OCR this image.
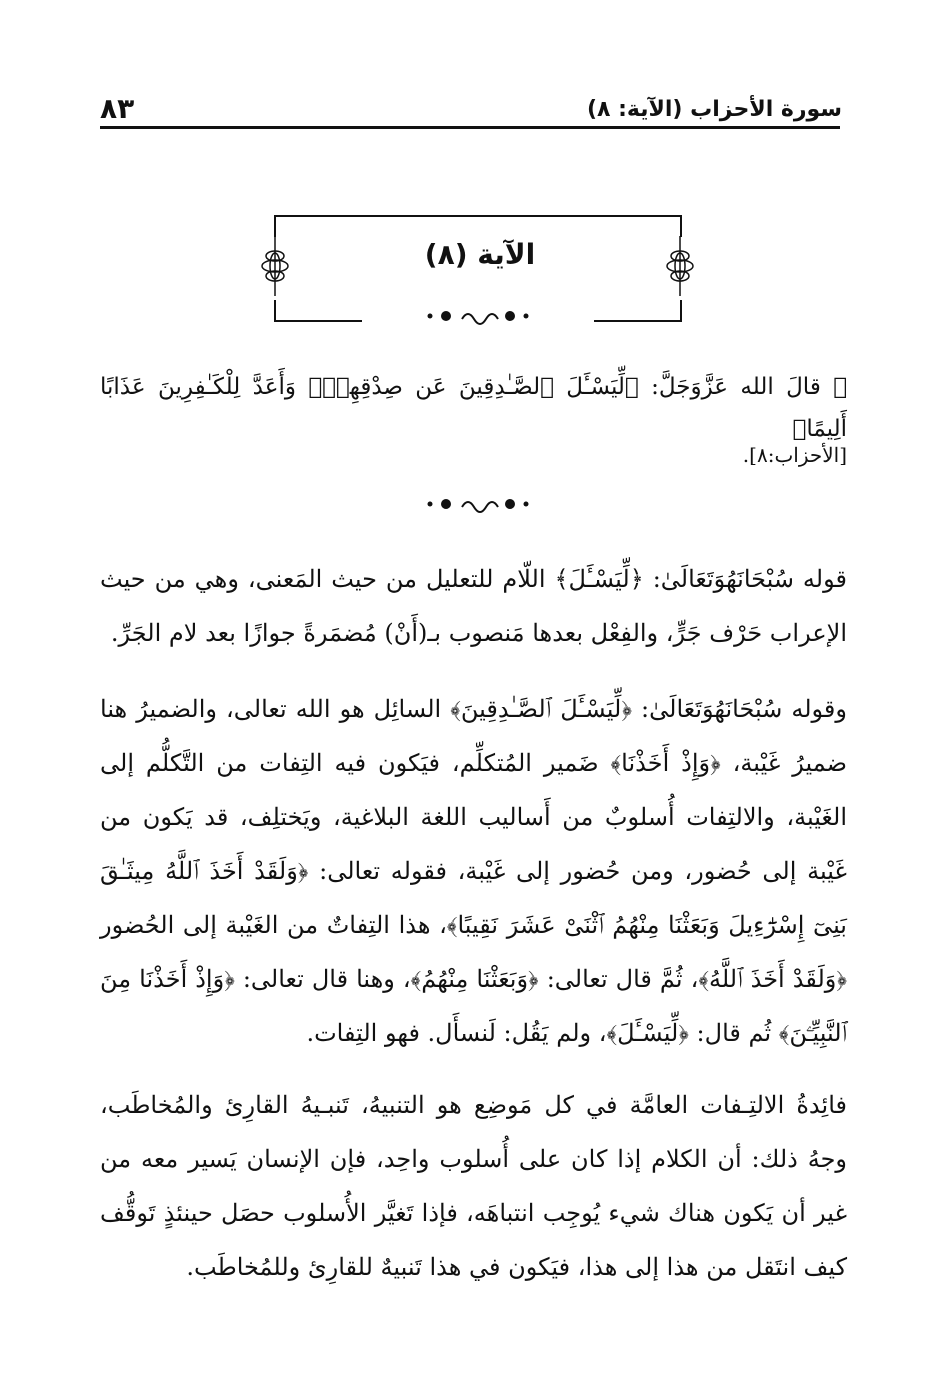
سورة الأحزاب (الآية: ٨)
٨٣
الآية (٨)
۞ قالَ الله عَزَّوَجَلَّ: ﴿لِّيَسْـَٔلَ ٱلصَّـٰدِقِينَ عَن صِدْقِهِمْۚ وَأَعَدَّ لِلْكَـٰفِرِينَ عَذَابًا أَلِيمًا﴾
[الأحزاب:٨].

قوله سُبْحَانَهُوَتَعَالَىٰ: ﴿لِّيَسْـَٔلَ﴾ اللّام للتعليل من حيث المَعنى، وهي من حيث الإعراب حَرْف جَرٍّ، والفِعْل بعدها مَنصوب بـ(أَنْ) مُضمَرةً جوازًا بعد لام الجَرِّ.

وقوله سُبْحَانَهُوَتَعَالَىٰ: ﴿لِّيَسْـَٔلَ ٱلصَّـٰدِقِينَ﴾ السائِل هو الله تعالى، والضميرُ هنا ضميرُ غَيْبة، ﴿وَإِذْ أَخَذْنَا﴾ ضَمير المُتكلِّم، فيَكون فيه التِفات من التَّكلُّم إلى الغَيْبة، والالتِفات أُسلوبٌ من أَساليب اللغة البلاغية، ويَختلِف، قد يَكون من غَيْبة إلى حُضور، ومن حُضور إلى غَيْبة، فقوله تعالى: ﴿وَلَقَدْ أَخَذَ ٱللَّهُ مِيثَـٰقَ بَنِىٓ إِسْرَٰٓءِيلَ وَبَعَثْنَا مِنْهُمُ ٱثْنَىْ عَشَرَ نَقِيبًا﴾، هذا التِفاتٌ من الغَيْبة إلى الحُضور ﴿وَلَقَدْ أَخَذَ ٱللَّهُ﴾، ثُمَّ قال تعالى: ﴿وَبَعَثْنَا مِنْهُمُ﴾، وهنا قال تعالى: ﴿وَإِذْ أَخَذْنَا مِنَ ٱلنَّبِيِّـۧنَ﴾ ثُم قال: ﴿لِّيَسْـَٔلَ﴾، ولم يَقُل: لَنسأَل. فهو التِفات.

فائِدةُ الالتِـفات العامَّة في كل مَوضِع هو التنبيهُ، تَنبـيهُ القارِئ والمُخاطَب، وجهُ ذلك: أن الكلام إذا كان على أُسلوب واحِد، فإن الإنسان يَسير معه من غير أن يَكون هناك شيء يُوجِب انتباهَه، فإذا تَغيَّر الأُسلوب حصَل حينئذٍ تَوقُّف كيف انتَقل من هذا إلى هذا، فيَكون في هذا تَنبيهٌ للقارِئ وللمُخاطَب.
